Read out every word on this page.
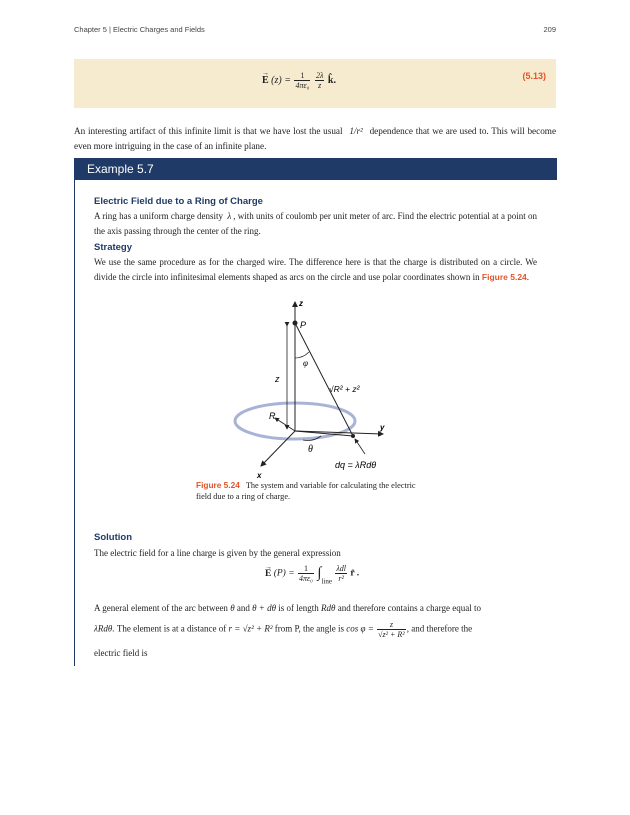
Chapter 5 | Electric Charges and Fields	209
E
→
$(z) = \frac{1}{\text{4πε₀}}$
$\frac{2\lambda}{z}$ k̂.	(5.13)
An interesting artifact of this infinite limit is that we have lost the usual 1/r² dependence that we are used to. This will become even more intriguing in the case of an infinite plane.
Example 5.7
Electric Field due to a Ring of Charge
A ring has a uniform charge density λ , with units of coulomb per unit meter of arc. Find the electric potential at a point on the axis passing through the center of the ring.
Strategy
We use the same procedure as for the charged wire. The difference here is that the charge is distributed on a circle. We divide the circle into infinitesimal elements shaped as arcs on the circle and use polar coordinates shown in Figure 5.24.
z
P
φ
z
√R² + z²
R
θ
y
x
dq = λRdθ
Figure 5.24 The system and variable for calculating the electric field due to a ring of charge.
Solution
The electric field for a line charge is given by the general expression
E
→
$(P) = \frac{1}{\text{4πε₀}} \int_{line} \frac{\text{λdl}}{\text{r²}}$ r̂ .
A general element of the arc between θ and θ + dθ is of length Rdθ and therefore contains a charge equal to
λRdθ. The element is at a distance of r = √z² + R² from P, the angle is $\cos \varphi = \frac{z}{\text{√z² + R²}}$ , and therefore the
electric field is
